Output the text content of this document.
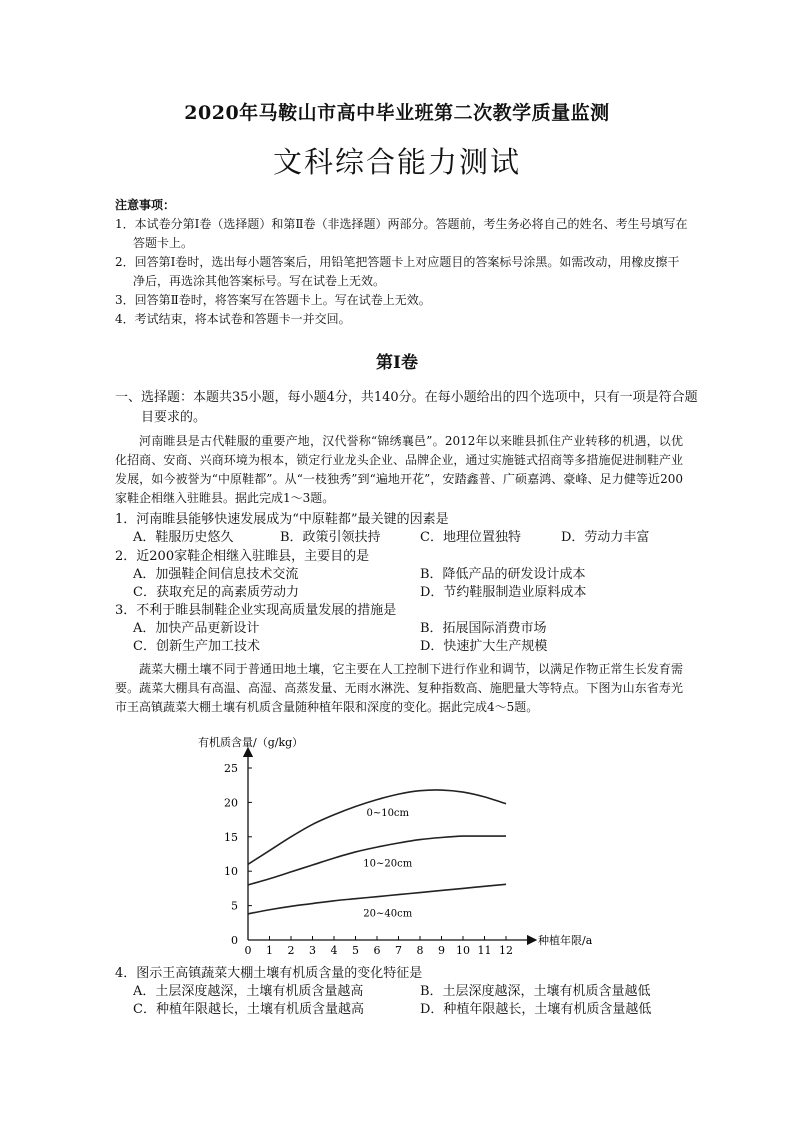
2020年马鞍山市高中毕业班第二次教学质量监测
文科综合能力测试
注意事项：
1．本试卷分第Ⅰ卷（选择题）和第Ⅱ卷（非选择题）两部分。答题前，考生务必将自己的姓名、考生号填写在答题卡上。
2．回答第Ⅰ卷时，选出每小题答案后，用铅笔把答题卡上对应题目的答案标号涂黑。如需改动，用橡皮擦干净后，再选涂其他答案标号。写在试卷上无效。
3．回答第Ⅱ卷时，将答案写在答题卡上。写在试卷上无效。
4．考试结束，将本试卷和答题卡一并交回。
第Ⅰ卷
一、选择题：本题共35小题，每小题4分，共140分。在每小题给出的四个选项中，只有一项是符合题目要求的。
河南睢县是古代鞋服的重要产地，汉代誉称“锦绣襄邑”。2012年以来睢县抓住产业转移的机遇，以优化招商、安商、兴商环境为根本，锁定行业龙头企业、品牌企业，通过实施链式招商等多措施促进制鞋产业发展，如今被誉为“中原鞋都”。从“一枝独秀”到“遍地开花”，安踏鑫普、广硕嘉鸿、豪峰、足力健等近200家鞋企相继入驻睢县。据此完成1～3题。
1．河南睢县能够快速发展成为“中原鞋都”最关键的因素是
A．鞋服历史悠久	B．政策引领扶持	C．地理位置独特	D．劳动力丰富
2．近200家鞋企相继入驻睢县，主要目的是
A．加强鞋企间信息技术交流	B．降低产品的研发设计成本
C．获取充足的高素质劳动力	D．节约鞋服制造业原料成本
3．不利于睢县制鞋企业实现高质量发展的措施是
A．加快产品更新设计	B．拓展国际消费市场
C．创新生产加工技术	D．快速扩大生产规模
蔬菜大棚土壤不同于普通田地土壤，它主要在人工控制下进行作业和调节，以满足作物正常生长发育需要。蔬菜大棚具有高温、高湿、高蒸发量、无雨水淋洗、复种指数高、施肥量大等特点。下图为山东省寿光市王高镇蔬菜大棚土壤有机质含量随种植年限和深度的变化。据此完成4～5题。
有机质含量/（g/kg）
种植年限/a
0 1 2 3 4 5 6 7 8 9 10 11 12
0
5
10
15
20
25
0~10cm
10~20cm
20~40cm
4．图示王高镇蔬菜大棚土壤有机质含量的变化特征是
A．土层深度越深，土壤有机质含量越高	B．土层深度越深，土壤有机质含量越低
C．种植年限越长，土壤有机质含量越高	D．种植年限越长，土壤有机质含量越低
